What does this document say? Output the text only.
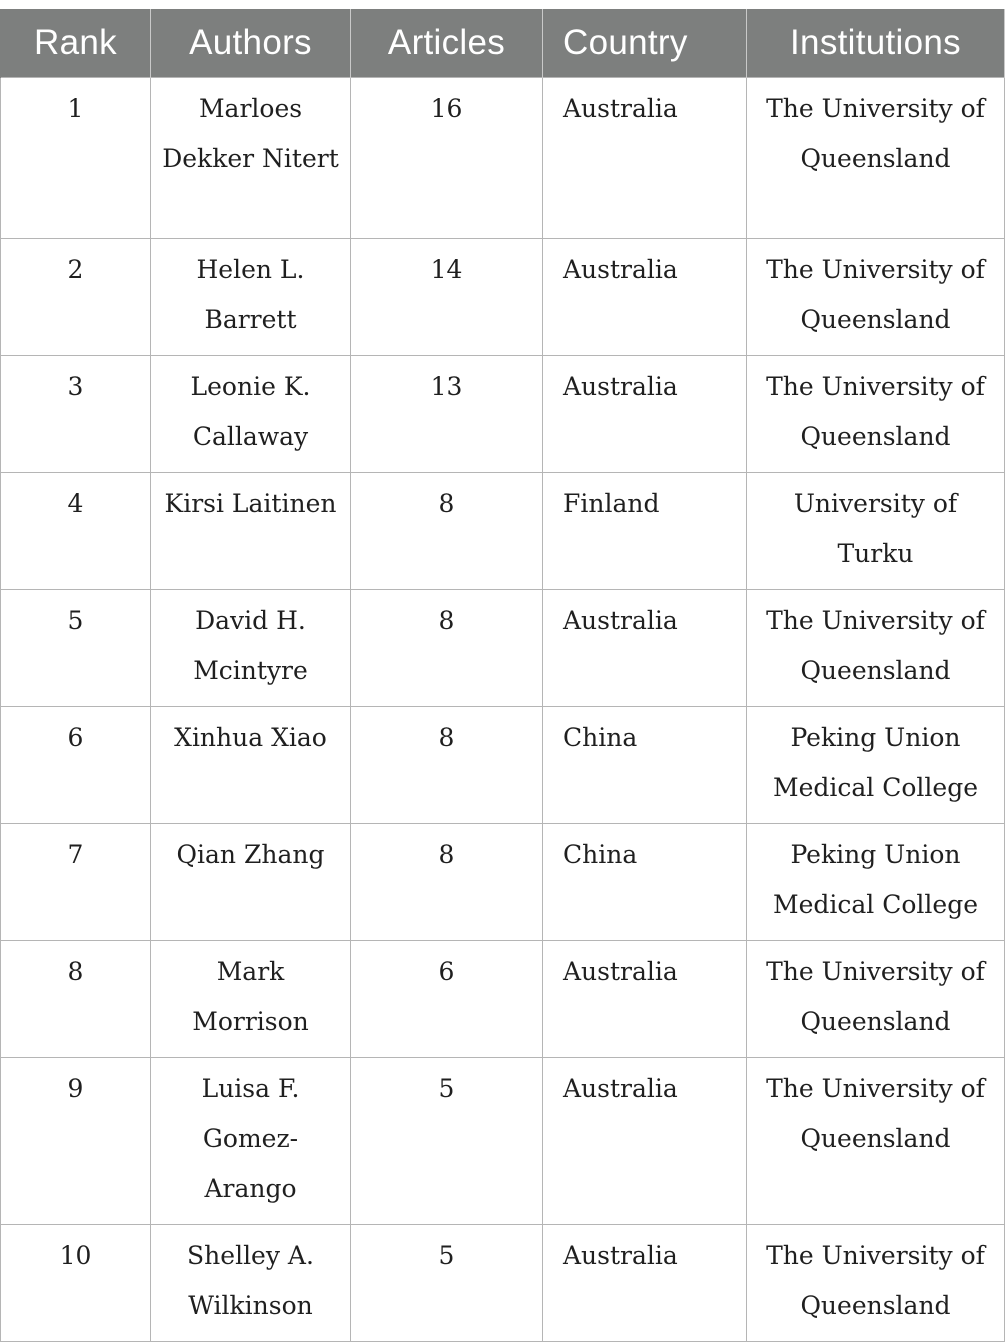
Rank	Authors	Articles	Country	Institutions
1	Marloes Dekker Nitert	16	Australia	The University of Queensland
2	Helen L. Barrett	14	Australia	The University of Queensland
3	Leonie K. Callaway	13	Australia	The University of Queensland
4	Kirsi Laitinen	8	Finland	University of Turku
5	David H. Mcintyre	8	Australia	The University of Queensland
6	Xinhua Xiao	8	China	Peking Union Medical College
7	Qian Zhang	8	China	Peking Union Medical College
8	Mark Morrison	6	Australia	The University of Queensland
9	Luisa F. Gomez-Arango	5	Australia	The University of Queensland
10	Shelley A. Wilkinson	5	Australia	The University of Queensland
